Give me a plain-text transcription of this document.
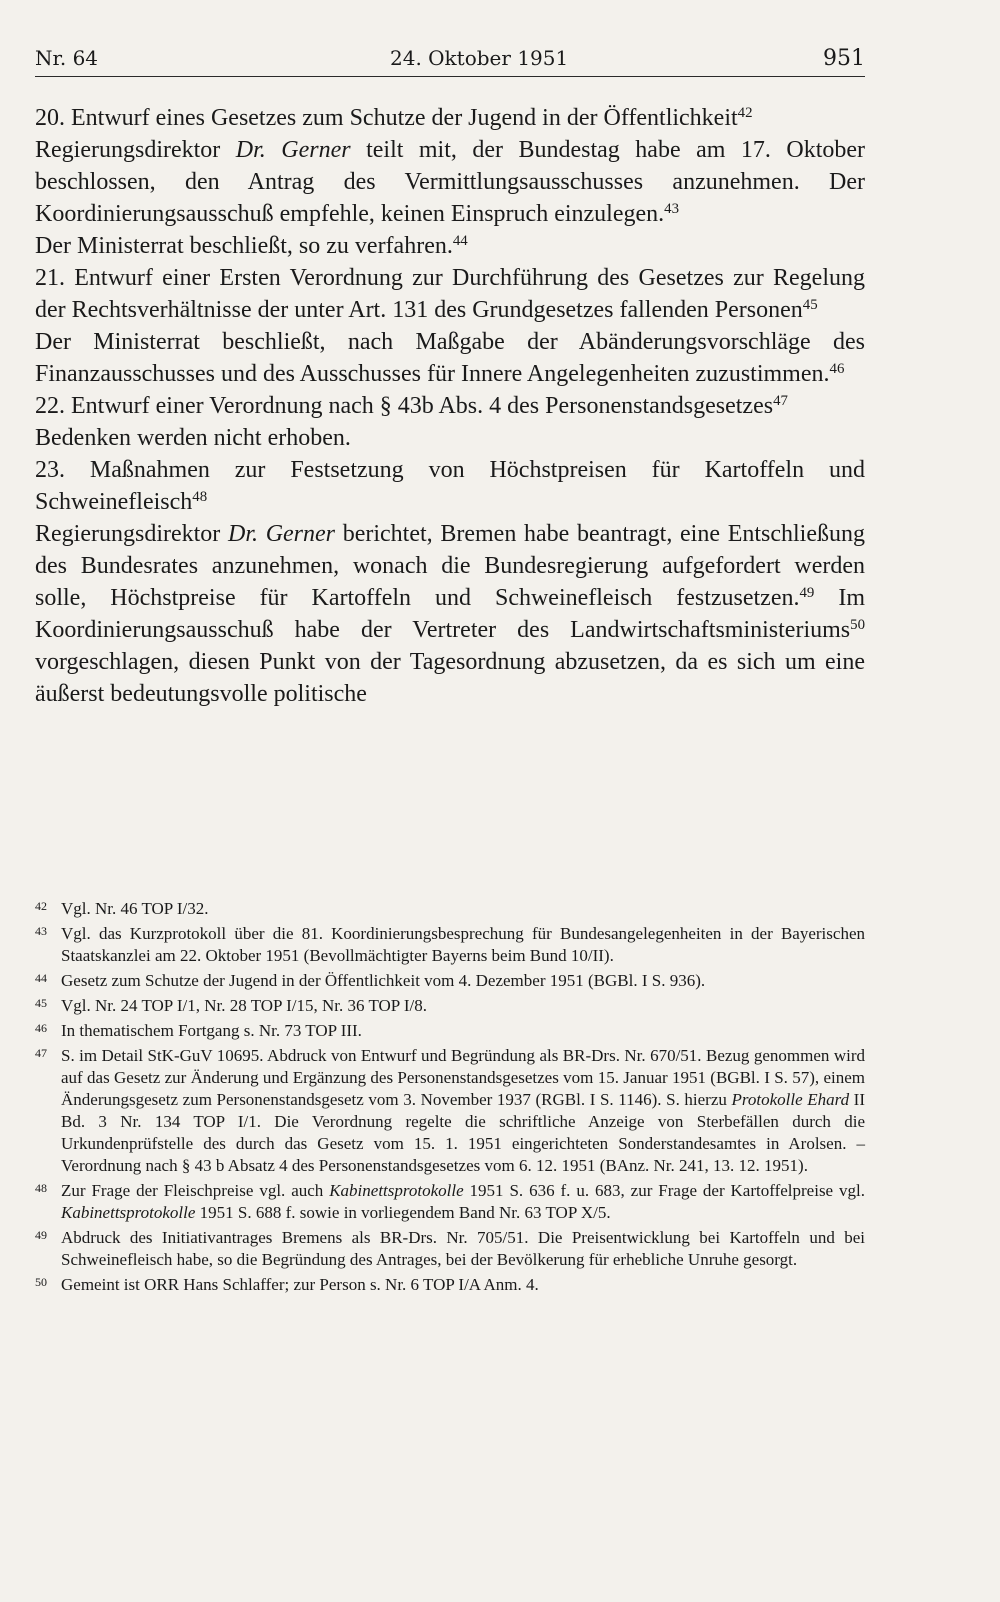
Nr. 64	24. Oktober 1951	951

20. Entwurf eines Gesetzes zum Schutze der Jugend in der Öffentlichkeit$^{42}$

Regierungsdirektor Dr. Gerner teilt mit, der Bundestag habe am 17. Oktober beschlossen, den Antrag des Vermittlungsausschusses anzunehmen. Der Koordinierungsausschuß empfehle, keinen Einspruch einzulegen.$^{43}$

Der Ministerrat beschließt, so zu verfahren.$^{44}$

21. Entwurf einer Ersten Verordnung zur Durchführung des Gesetzes zur Regelung der Rechtsverhältnisse der unter Art. 131 des Grundgesetzes fallenden Personen$^{45}$

Der Ministerrat beschließt, nach Maßgabe der Abänderungsvorschläge des Finanzausschusses und des Ausschusses für Innere Angelegenheiten zuzustimmen.$^{46}$

22. Entwurf einer Verordnung nach § 43b Abs. 4 des Personenstandsgesetzes$^{47}$

Bedenken werden nicht erhoben.

23. Maßnahmen zur Festsetzung von Höchstpreisen für Kartoffeln und Schweinefleisch$^{48}$

Regierungsdirektor Dr. Gerner berichtet, Bremen habe beantragt, eine Entschließung des Bundesrates anzunehmen, wonach die Bundesregierung aufgefordert werden solle, Höchstpreise für Kartoffeln und Schweinefleisch festzusetzen.$^{49}$ Im Koordinierungsausschuß habe der Vertreter des Landwirtschaftsministeriums$^{50}$ vorgeschlagen, diesen Punkt von der Tagesordnung abzusetzen, da es sich um eine äußerst bedeutungsvolle politische

42 Vgl. Nr. 46 TOP I/32.
43 Vgl. das Kurzprotokoll über die 81. Koordinierungsbesprechung für Bundesangelegenheiten in der Bayerischen Staatskanzlei am 22. Oktober 1951 (Bevollmächtigter Bayerns beim Bund 10/II).
44 Gesetz zum Schutze der Jugend in der Öffentlichkeit vom 4. Dezember 1951 (BGBl. I S. 936).
45 Vgl. Nr. 24 TOP I/1, Nr. 28 TOP I/15, Nr. 36 TOP I/8.
46 In thematischem Fortgang s. Nr. 73 TOP III.
47 S. im Detail StK-GuV 10695. Abdruck von Entwurf und Begründung als BR-Drs. Nr. 670/51. Bezug genommen wird auf das Gesetz zur Änderung und Ergänzung des Personenstandsgesetzes vom 15. Januar 1951 (BGBl. I S. 57), einem Änderungsgesetz zum Personenstandsgesetz vom 3. November 1937 (RGBl. I S. 1146). S. hierzu Protokolle Ehard II Bd. 3 Nr. 134 TOP I/1. Die Verordnung regelte die schriftliche Anzeige von Sterbefällen durch die Urkundenprüfstelle des durch das Gesetz vom 15. 1. 1951 eingerichteten Sonderstandesamtes in Arolsen. – Verordnung nach § 43 b Absatz 4 des Personenstandsgesetzes vom 6. 12. 1951 (BAnz. Nr. 241, 13. 12. 1951).
48 Zur Frage der Fleischpreise vgl. auch Kabinettsprotokolle 1951 S. 636 f. u. 683, zur Frage der Kartoffelpreise vgl. Kabinettsprotokolle 1951 S. 688 f. sowie in vorliegendem Band Nr. 63 TOP X/5.
49 Abdruck des Initiativantrages Bremens als BR-Drs. Nr. 705/51. Die Preisentwicklung bei Kartoffeln und bei Schweinefleisch habe, so die Begründung des Antrages, bei der Bevölkerung für erhebliche Unruhe gesorgt.
50 Gemeint ist ORR Hans Schlaffer; zur Person s. Nr. 6 TOP I/A Anm. 4.
